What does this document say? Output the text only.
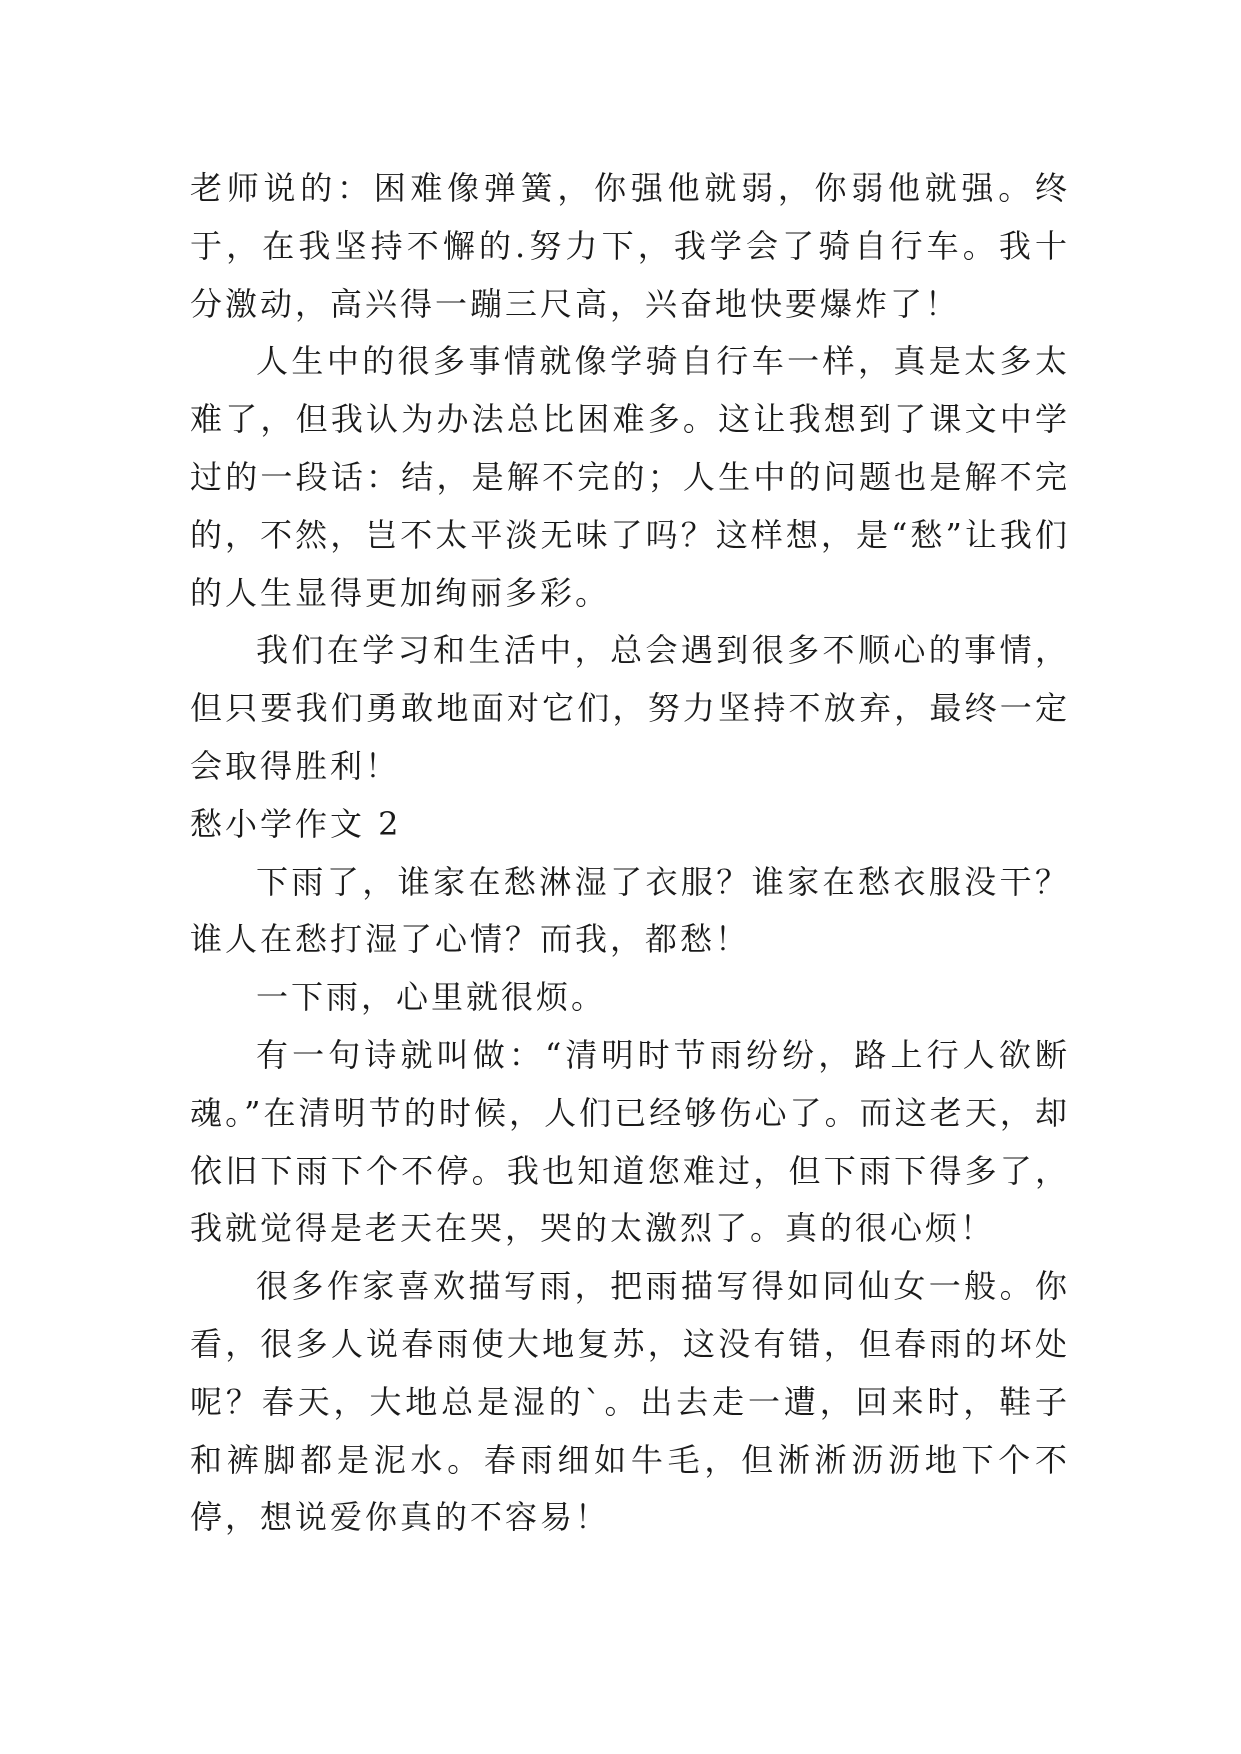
老师说的：困难像弹簧，你强他就弱，你弱他就强。终于，在我坚持不懈的.努力下，我学会了骑自行车。我十分激动，高兴得一蹦三尺高，兴奋地快要爆炸了！

人生中的很多事情就像学骑自行车一样，真是太多太难了，但我认为办法总比困难多。这让我想到了课文中学过的一段话：结，是解不完的；人生中的问题也是解不完的，不然，岂不太平淡无味了吗？这样想，是“愁”让我们的人生显得更加绚丽多彩。

我们在学习和生活中，总会遇到很多不顺心的事情，但只要我们勇敢地面对它们，努力坚持不放弃，最终一定会取得胜利！

愁小学作文 2

下雨了，谁家在愁淋湿了衣服？谁家在愁衣服没干？谁人在愁打湿了心情？而我，都愁！

一下雨，心里就很烦。

有一句诗就叫做：“清明时节雨纷纷，路上行人欲断魂。”在清明节的时候，人们已经够伤心了。而这老天，却依旧下雨下个不停。我也知道您难过，但下雨下得多了，我就觉得是老天在哭，哭的太激烈了。真的很心烦！

很多作家喜欢描写雨，把雨描写得如同仙女一般。你看，很多人说春雨使大地复苏，这没有错，但春雨的坏处呢？春天，大地总是湿的`。出去走一遭，回来时，鞋子和裤脚都是泥水。春雨细如牛毛，但淅淅沥沥地下个不停，想说爱你真的不容易！
